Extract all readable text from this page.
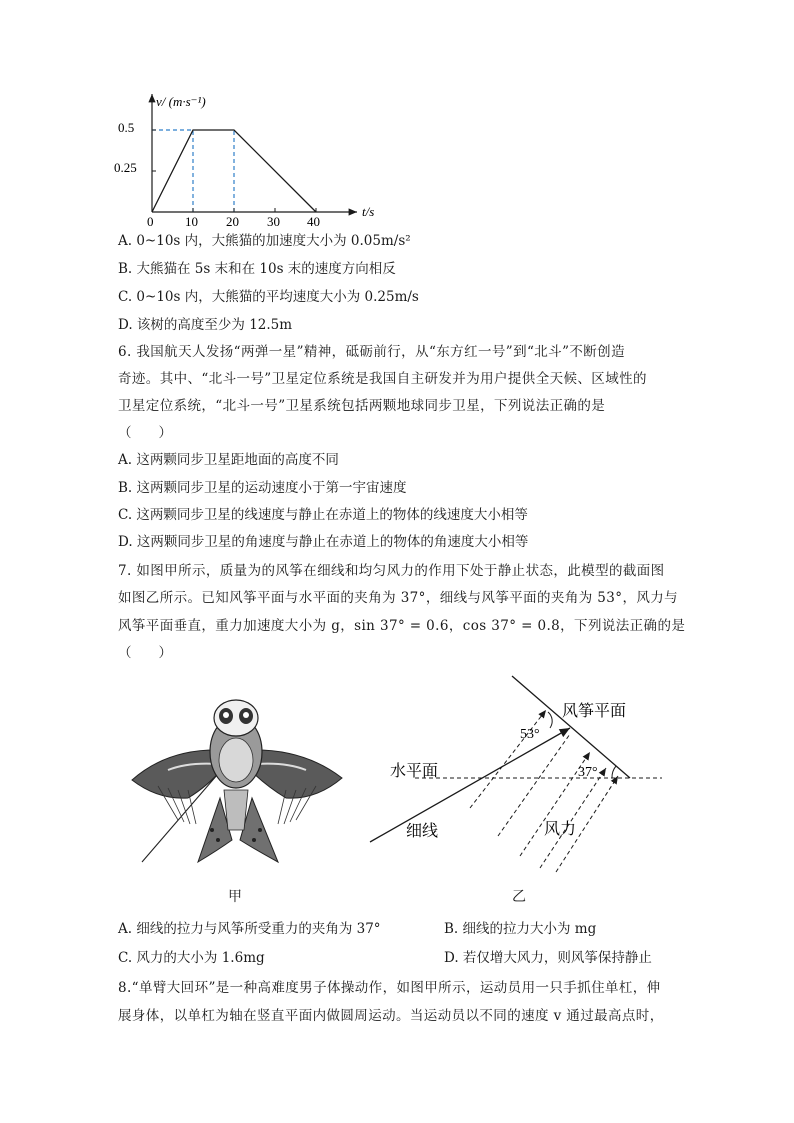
v/ (m·s⁻¹)
t/s
0.5
0.25
0 10 20 30 40

A. 0~10s 内，大熊猫的加速度大小为 0.05m/s²

B. 大熊猫在 5s 末和在 10s 末的速度方向相反

C. 0~10s 内，大熊猫的平均速度大小为 0.25m/s

D. 该树的高度至少为 12.5m

6. 我国航天人发扬“两弹一星”精神，砥砺前行，从“东方红一号”到“北斗”不断创造

奇迹。其中、“北斗一号”卫星定位系统是我国自主研发并为用户提供全天候、区域性的

卫星定位系统，“北斗一号”卫星系统包括两颗地球同步卫星，下列说法正确的是

（　　）

A. 这两颗同步卫星距地面的高度不同

B. 这两颗同步卫星的运动速度小于第一宇宙速度

C. 这两颗同步卫星的线速度与静止在赤道上的物体的线速度大小相等

D. 这两颗同步卫星的角速度与静止在赤道上的物体的角速度大小相等

7. 如图甲所示，质量为的风筝在细线和均匀风力的作用下处于静止状态，此模型的截面图

如图乙所示。已知风筝平面与水平面的夹角为 37°，细线与风筝平面的夹角为 53°，风力与

风筝平面垂直，重力加速度大小为 g，sin 37° = 0.6，cos 37° = 0.8，下列说法正确的是

（　　）

风筝平面
53°
37°
水平面
细线	风力

甲	乙

A. 细线的拉力与风筝所受重力的夹角为 37°	B. 细线的拉力大小为 mg

C. 风力的大小为 1.6mg	D. 若仅增大风力，则风筝保持静止

8.“单臂大回环”是一种高难度男子体操动作，如图甲所示，运动员用一只手抓住单杠，伸

展身体，以单杠为轴在竖直平面内做圆周运动。当运动员以不同的速度 v 通过最高点时，
